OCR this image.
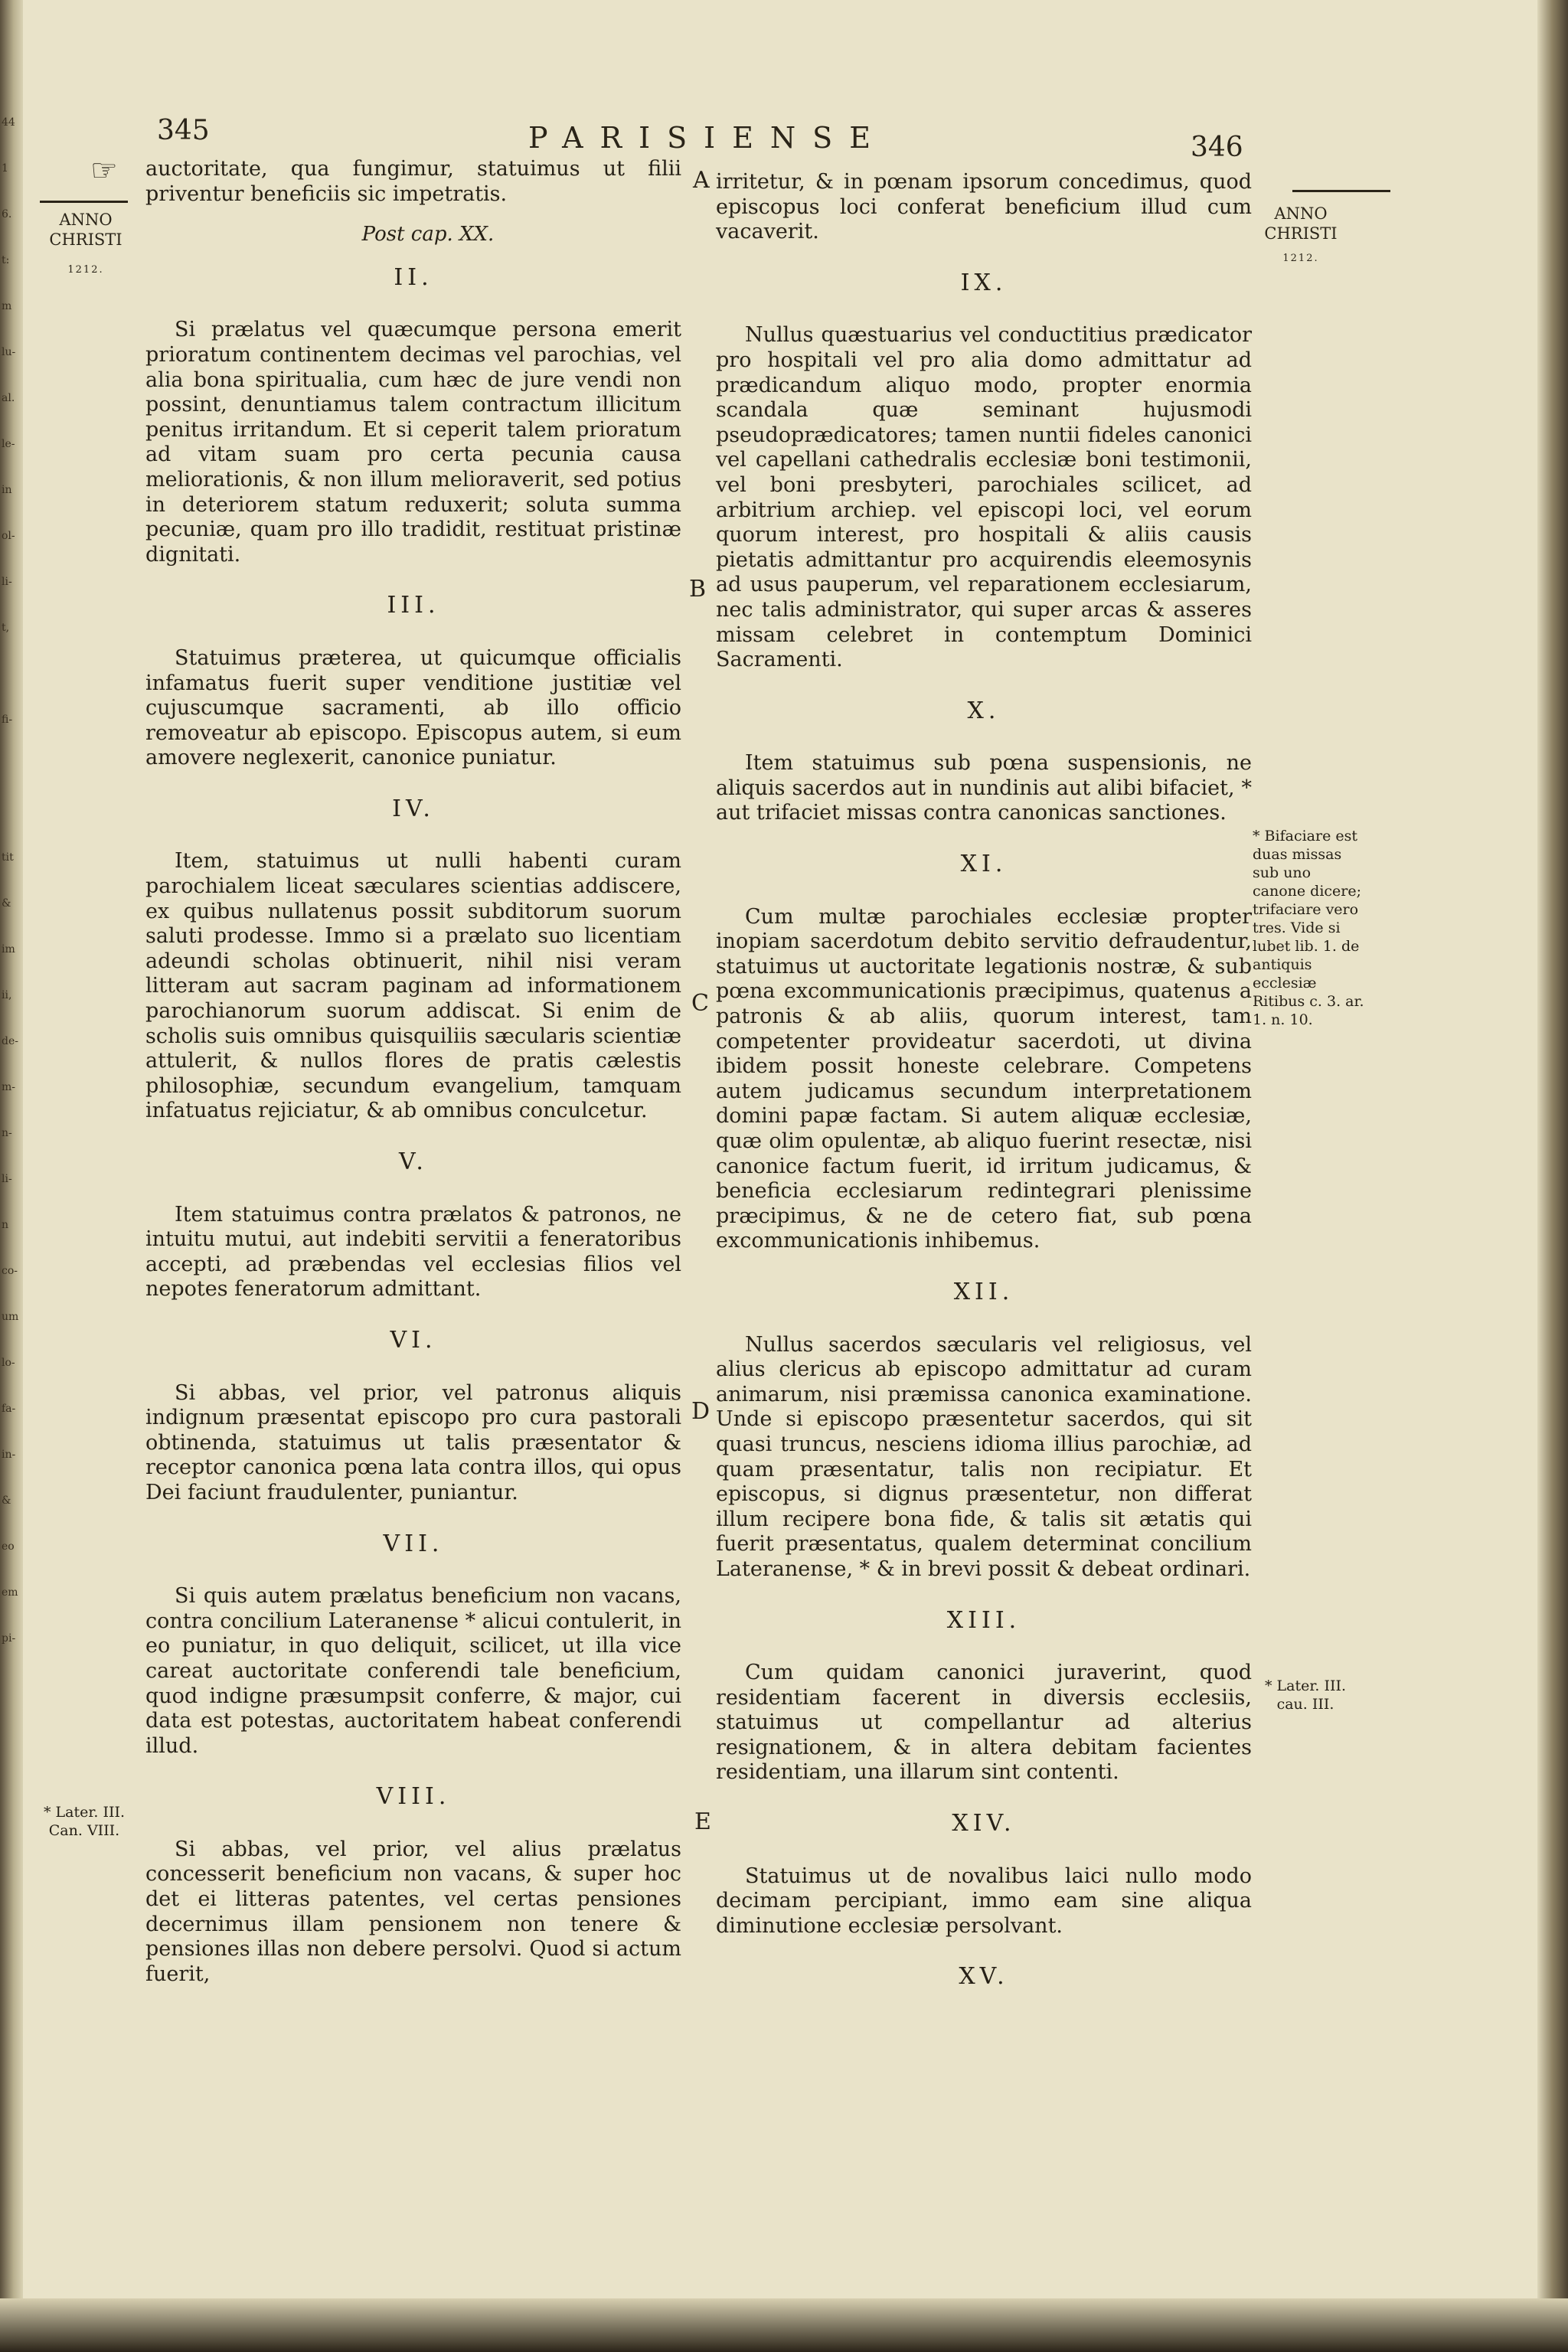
44
1
6.
t:
m
lu-
al.
le-
in
ol-
li-
t,

fi-

tit
&
im
ii,
de-
m-
n-
li-
n
co-
um
lo-
fa-
in-
&
eo
em
pi-
345	PARISIENSE	346
☞
ANNO CHRISTI
1212.
ANNO CHRISTI
1212.

auctoritate, qua fungimur, statuimus ut filii priventur beneficiis sic impetratis.

Post cap. XX.

II.

Si prælatus vel quæcumque persona emerit prioratum continentem decimas vel parochias, vel alia bona spiritualia, cum hæc de jure vendi non possint, denuntiamus talem contractum illicitum penitus irritandum. Et si ceperit talem prioratum ad vitam suam pro certa pecunia causa meliorationis, & non illum melioraverit, sed potius in deteriorem statum reduxerit; soluta summa pecuniæ, quam pro illo tradidit, restituat pristinæ dignitati.

III.

Statuimus præterea, ut quicumque officialis infamatus fuerit super venditione justitiæ vel cujuscumque sacramenti, ab illo officio removeatur ab episcopo. Episcopus autem, si eum amovere neglexerit, canonice puniatur.

IV.

Item, statuimus ut nulli habenti curam parochialem liceat sæculares scientias addiscere, ex quibus nullatenus possit subditorum suorum saluti prodesse. Immo si a prælato suo licentiam adeundi scholas obtinuerit, nihil nisi veram litteram aut sacram paginam ad informationem parochianorum suorum addiscat. Si enim de scholis suis omnibus quisquiliis sæcularis scientiæ attulerit, & nullos flores de pratis cælestis philosophiæ, secundum evangelium, tamquam infatuatus rejiciatur, & ab omnibus conculcetur.

V.

Item statuimus contra prælatos & patronos, ne intuitu mutui, aut indebiti servitii a feneratoribus accepti, ad præbendas vel ecclesias filios vel nepotes feneratorum admittant.

VI.

Si abbas, vel prior, vel patronus aliquis indignum præsentat episcopo pro cura pastorali obtinenda, statuimus ut talis præsentator & receptor canonica pœna lata contra illos, qui opus Dei faciunt fraudulenter, puniantur.

VII.

Si quis autem prælatus beneficium non vacans, contra concilium Lateranense * alicui contulerit, in eo puniatur, in quo deliquit, scilicet, ut illa vice careat auctoritate conferendi tale beneficium, quod indigne præsumpsit conferre, & major, cui data est potestas, auctoritatem habeat conferendi illud.

VIII.

Si abbas, vel prior, vel alius prælatus concesserit beneficium non vacans, & super hoc det ei litteras patentes, vel certas pensiones decernimus illam pensionem non tenere & pensiones illas non debere persolvi. Quod si actum fuerit,

* Later. III. Can. VIII.
A
B
C
D
E

irritetur, & in pœnam ipsorum concedimus, quod episcopus loci conferat beneficium illud cum vacaverit.

IX.

Nullus quæstuarius vel conductitius prædicator pro hospitali vel pro alia domo admittatur ad prædicandum aliquo modo, propter enormia scandala quæ seminant hujusmodi pseudoprædicatores; tamen nuntii fideles canonici vel capellani cathedralis ecclesiæ boni testimonii, vel boni presbyteri, parochiales scilicet, ad arbitrium archiep. vel episcopi loci, vel eorum quorum interest, pro hospitali & aliis causis pietatis admittantur pro acquirendis eleemosynis ad usus pauperum, vel reparationem ecclesiarum, nec talis administrator, qui super arcas & asseres missam celebret in contemptum Dominici Sacramenti.

X.

Item statuimus sub pœna suspensionis, ne aliquis sacerdos aut in nundinis aut alibi bifaciet, * aut trifaciet missas contra canonicas sanctiones.

XI.

Cum multæ parochiales ecclesiæ propter inopiam sacerdotum debito servitio defraudentur, statuimus ut auctoritate legationis nostræ, & sub pœna excommunicationis præcipimus, quatenus a patronis & ab aliis, quorum interest, tam competenter provideatur sacerdoti, ut divina ibidem possit honeste celebrare. Competens autem judicamus secundum interpretationem domini papæ factam. Si autem aliquæ ecclesiæ, quæ olim opulentæ, ab aliquo fuerint resectæ, nisi canonice factum fuerit, id irritum judicamus, & beneficia ecclesiarum redintegrari plenissime præcipimus, & ne de cetero fiat, sub pœna excommunicationis inhibemus.

XII.

Nullus sacerdos sæcularis vel religiosus, vel alius clericus ab episcopo admittatur ad curam animarum, nisi præmissa canonica examinatione. Unde si episcopo præsentetur sacerdos, qui sit quasi truncus, nesciens idioma illius parochiæ, ad quam præsentatur, talis non recipiatur. Et episcopus, si dignus præsentetur, non differat illum recipere bona fide, & talis sit ætatis qui fuerit præsentatus, qualem determinat concilium Lateranense, * & in brevi possit & debeat ordinari.

XIII.

Cum quidam canonici juraverint, quod residentiam facerent in diversis ecclesiis, statuimus ut compellantur ad alterius resignationem, & in altera debitam facientes residentiam, una illarum sint contenti.

XIV.

Statuimus ut de novalibus laici nullo modo decimam percipiant, immo eam sine aliqua diminutione ecclesiæ persolvant.

XV.
* Bifaciare est duas missas sub uno canone dicere; trifaciare vero tres. Vide si lubet lib. 1. de antiquis ecclesiæ Ritibus c. 3. ar. 1. n. 10.
* Later. III. cau. III.
